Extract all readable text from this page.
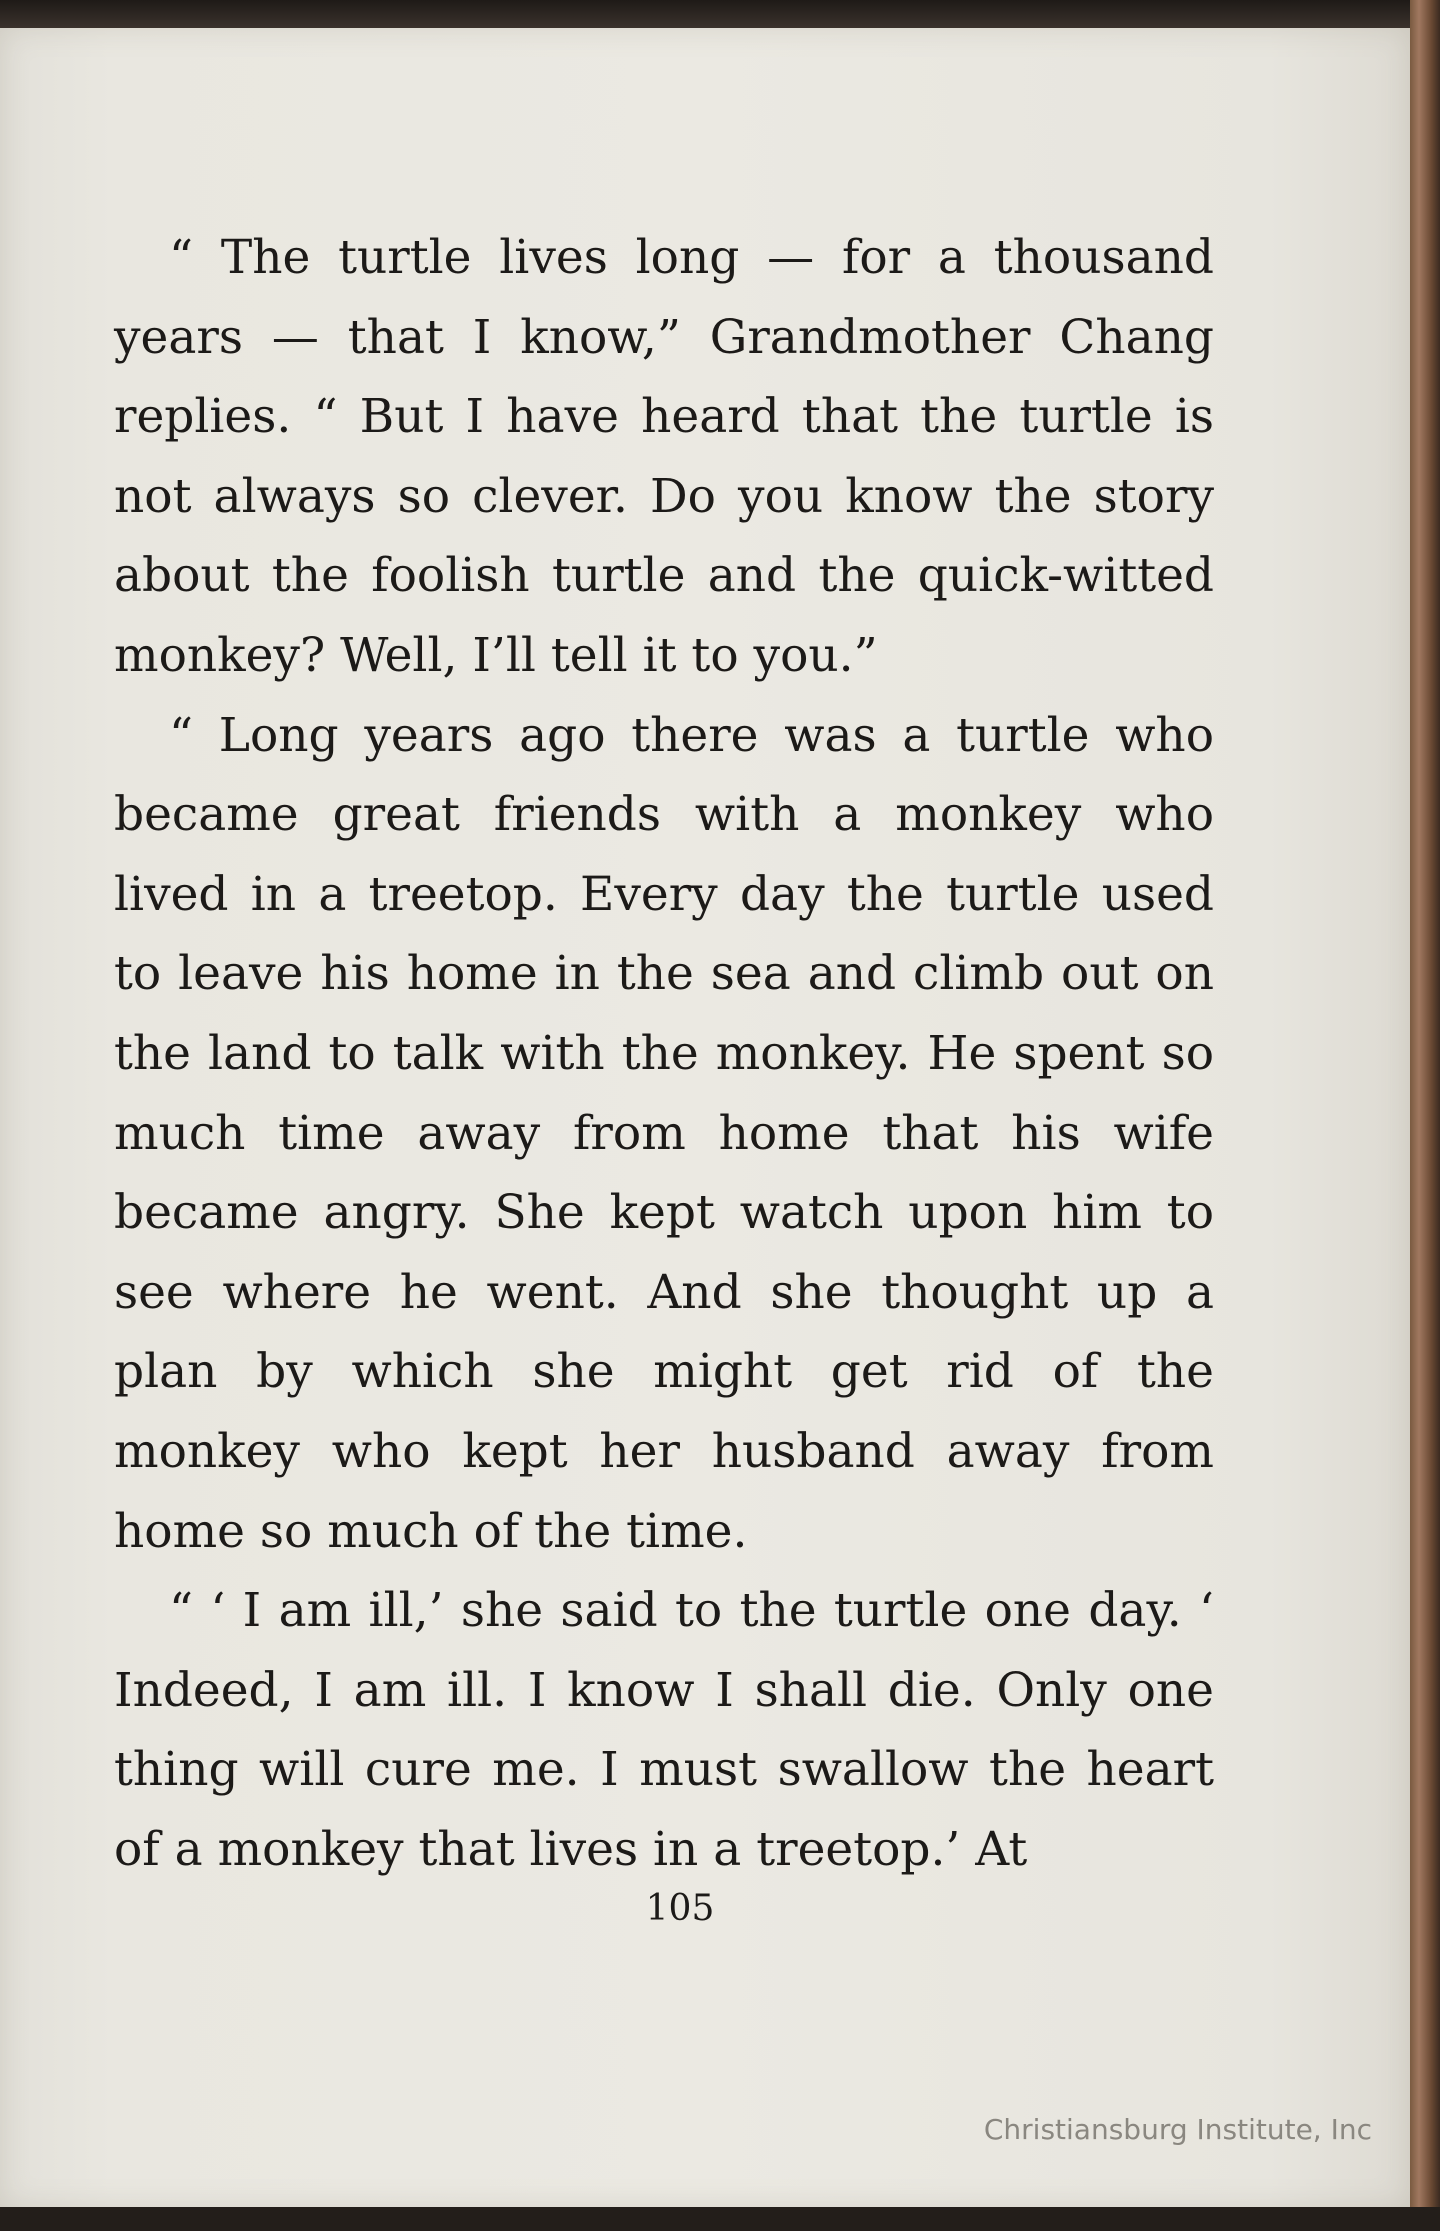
“ The turtle lives long — for a thousand years — that I know,” Grandmother Chang replies. “ But I have heard that the turtle is not always so clever. Do you know the story about the foolish turtle and the quick-witted monkey? Well, I’ll tell it to you.”

“ Long years ago there was a turtle who became great friends with a monkey who lived in a treetop. Every day the turtle used to leave his home in the sea and climb out on the land to talk with the monkey. He spent so much time away from home that his wife became angry. She kept watch upon him to see where he went. And she thought up a plan by which she might get rid of the monkey who kept her husband away from home so much of the time.

“ ‘ I am ill,’ she said to the turtle one day. ‘ Indeed, I am ill. I know I shall die. Only one thing will cure me. I must swallow the heart of a monkey that lives in a treetop.’ At

105
Christiansburg Institute, Inc
